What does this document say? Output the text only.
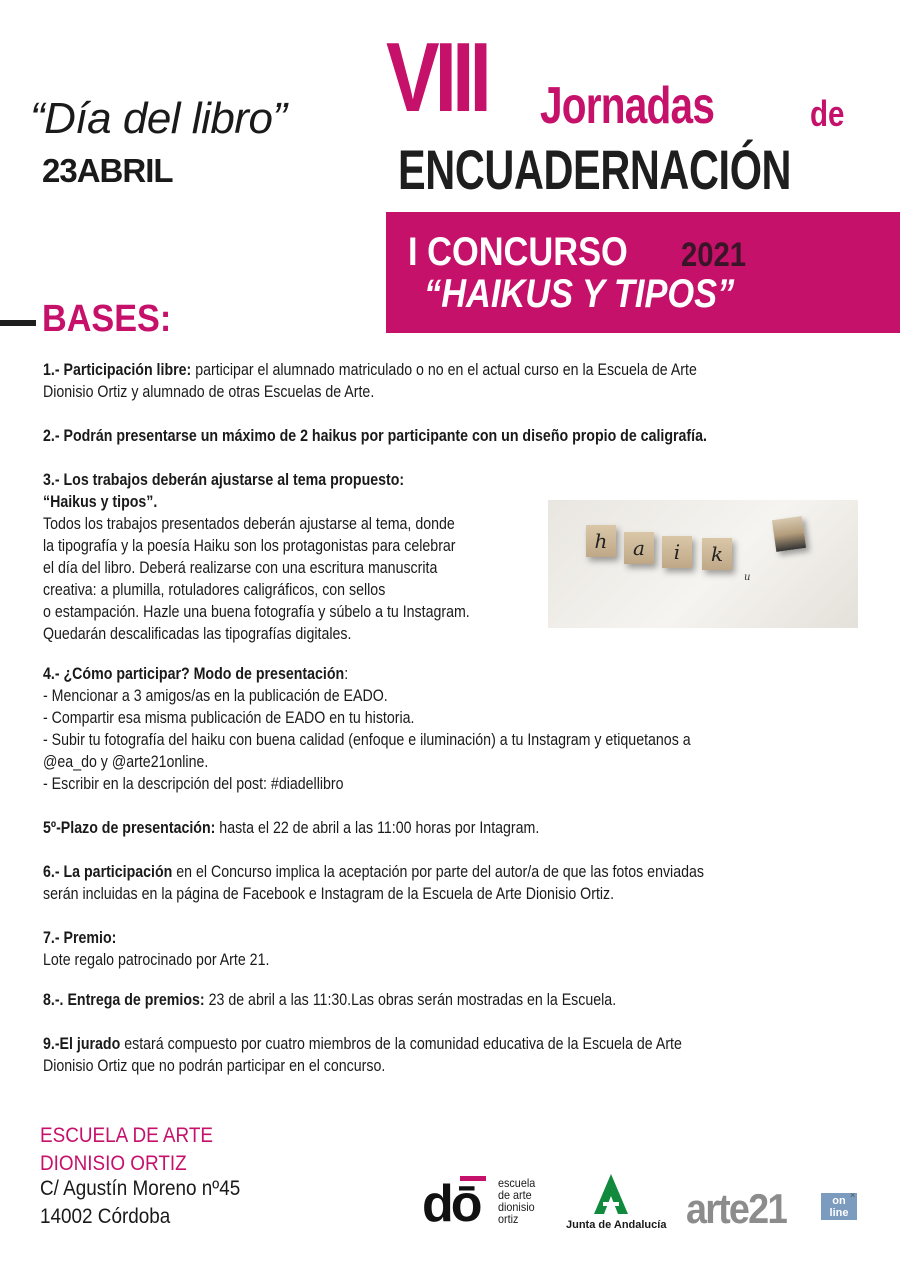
“Día del libro”
23ABRIL
VIII Jornadas	de
ENCUADERNACIÓN
I CONCURSO 2021
“HAIKUS Y TIPOS”
BASES:
1.- Participación libre: participar el alumnado matriculado o no en el actual curso en la Escuela de Arte
Dionisio Ortiz y alumnado de otras Escuelas de Arte.
2.- Podrán presentarse un máximo de 2 haikus por participante con un diseño propio de caligrafía.
3.- Los trabajos deberán ajustarse al tema propuesto:
“Haikus y tipos”.
Todos los trabajos presentados deberán ajustarse al tema, donde
la tipografía y la poesía Haiku son los protagonistas para celebrar
el día del libro. Deberá realizarse con una escritura manuscrita
creativa: a plumilla, rotuladores caligráficos, con sellos
o estampación. Hazle una buena fotografía y súbelo a tu Instagram.
Quedarán descalificadas las tipografías digitales.
h	a	i	k
u
4.- ¿Cómo participar? Modo de presentación:
- Mencionar a 3 amigos/as en la publicación de EADO.
- Compartir esa misma publicación de EADO en tu historia.
- Subir tu fotografía del haiku con buena calidad (enfoque e iluminación) a tu Instagram y etiquetanos a
@ea_do y @arte21online.
- Escribir en la descripción del post: #diadellibro
5º-Plazo de presentación: hasta el 22 de abril a las 11:00 horas por Intagram.
6.- La participación en el Concurso implica la aceptación por parte del autor/a de que las fotos enviadas
serán incluidas en la página de Facebook e Instagram de la Escuela de Arte Dionisio Ortiz.
7.- Premio:
Lote regalo patrocinado por Arte 21.
8.-. Entrega de premios: 23 de abril a las 11:30.Las obras serán mostradas en la Escuela.
9.-El jurado estará compuesto por cuatro miembros de la comunidad educativa de la Escuela de Arte
Dionisio Ortiz que no podrán participar en el concurso.
ESCUELA DE ARTE
DIONISIO ORTIZ
C/ Agustín Moreno nº45
14002 Córdoba	dō escuela
de arte
dionisio
ortiz	Junta de Andalucía arte21	on
line
×
